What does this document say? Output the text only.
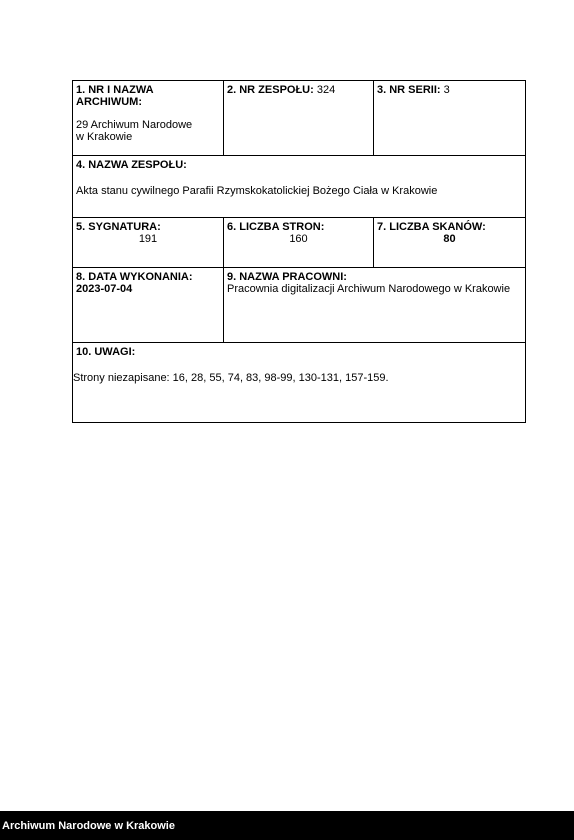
1. NR I NAZWA ARCHIWUM:
29 Archiwum Narodowe
w Krakowie
2. NR ZESPOŁU: 324	3. NR SERII: 3
4. NAZWA ZESPOŁU:
Akta stanu cywilnego Parafii Rzymskokatolickiej Bożego Ciała w Krakowie
5. SYGNATURA:
191
6. LICZBA STRON:
160
7. LICZBA SKANÓW:
80
8. DATA WYKONANIA:
2023-07-04
9. NAZWA PRACOWNI:
Pracownia digitalizacji Archiwum Narodowego w Krakowie
10. UWAGI:
Strony niezapisane: 16, 28, 55, 74, 83, 98-99, 130-131, 157-159.
Archiwum Narodowe w Krakowie
